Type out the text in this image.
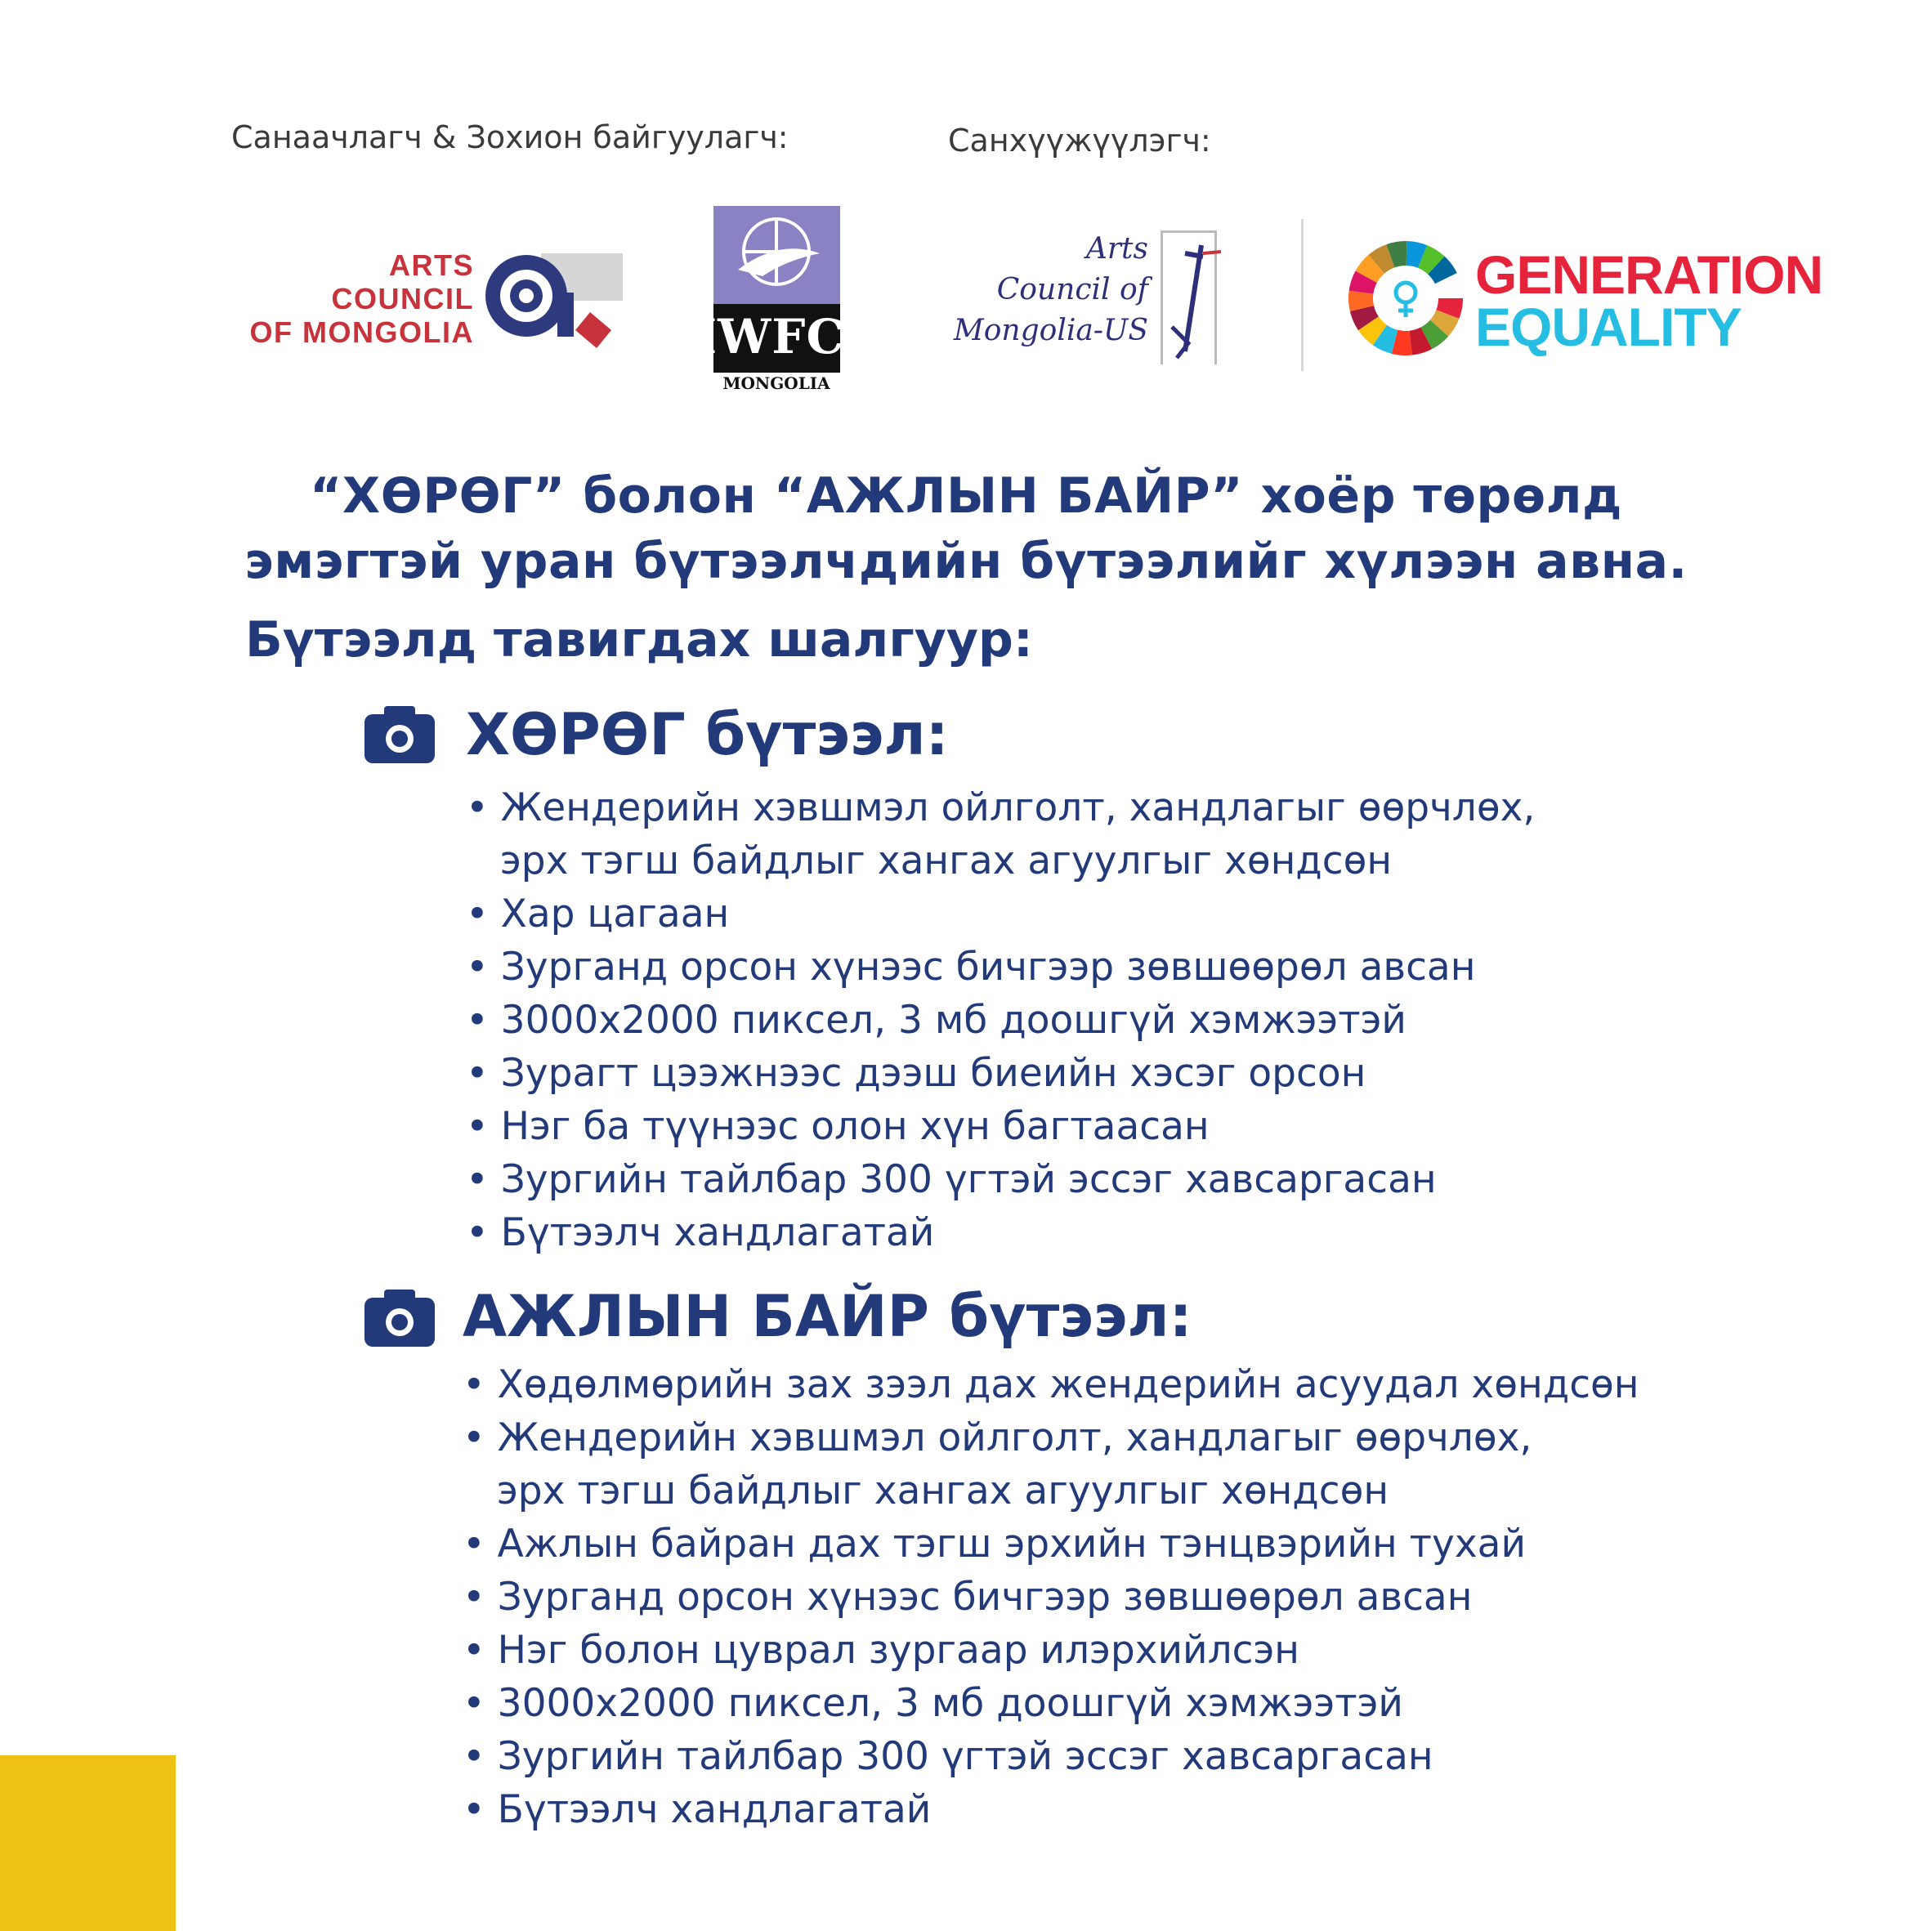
Санаачлагч & Зохион байгуулагч:	Санхүүжүүлэгч:
ARTS
COUNCIL
OF MONGOLIA	IWFCI
MONGOLIA
Arts
Council of
Mongolia-US
GENERATION
EQUALITY
“ХӨРӨГ” болон “АЖЛЫН БАЙР” хоёр төрөлд
эмэгтэй уран бүтээлчдийн бүтээлийг хүлээн авна.
Бүтээлд тавигдах шалгуур:
ХӨРӨГ бүтээл:
• Жендерийн хэвшмэл ойлголт, хандлагыг өөрчлөх,
эрх тэгш байдлыг хангах агуулгыг хөндсөн
• Хар цагаан
• Зурганд орсон хүнээс бичгээр зөвшөөрөл авсан
• 3000x2000 пиксел, 3 мб доошгүй хэмжээтэй
• Зурагт цээжнээс дээш биеийн хэсэг орсон
• Нэг ба түүнээс олон хүн багтаасан
• Зургийн тайлбар 300 үгтэй эссэг хавсаргасан
• Бүтээлч хандлагатай
АЖЛЫН БАЙР бүтээл:
• Хөдөлмөрийн зах зээл дах жендерийн асуудал хөндсөн
• Жендерийн хэвшмэл ойлголт, хандлагыг өөрчлөх,
эрх тэгш байдлыг хангах агуулгыг хөндсөн
• Ажлын байран дах тэгш эрхийн тэнцвэрийн тухай
• Зурганд орсон хүнээс бичгээр зөвшөөрөл авсан
• Нэг болон цуврал зургаар илэрхийлсэн
• 3000x2000 пиксел, 3 мб доошгүй хэмжээтэй
• Зургийн тайлбар 300 үгтэй эссэг хавсаргасан
• Бүтээлч хандлагатай
